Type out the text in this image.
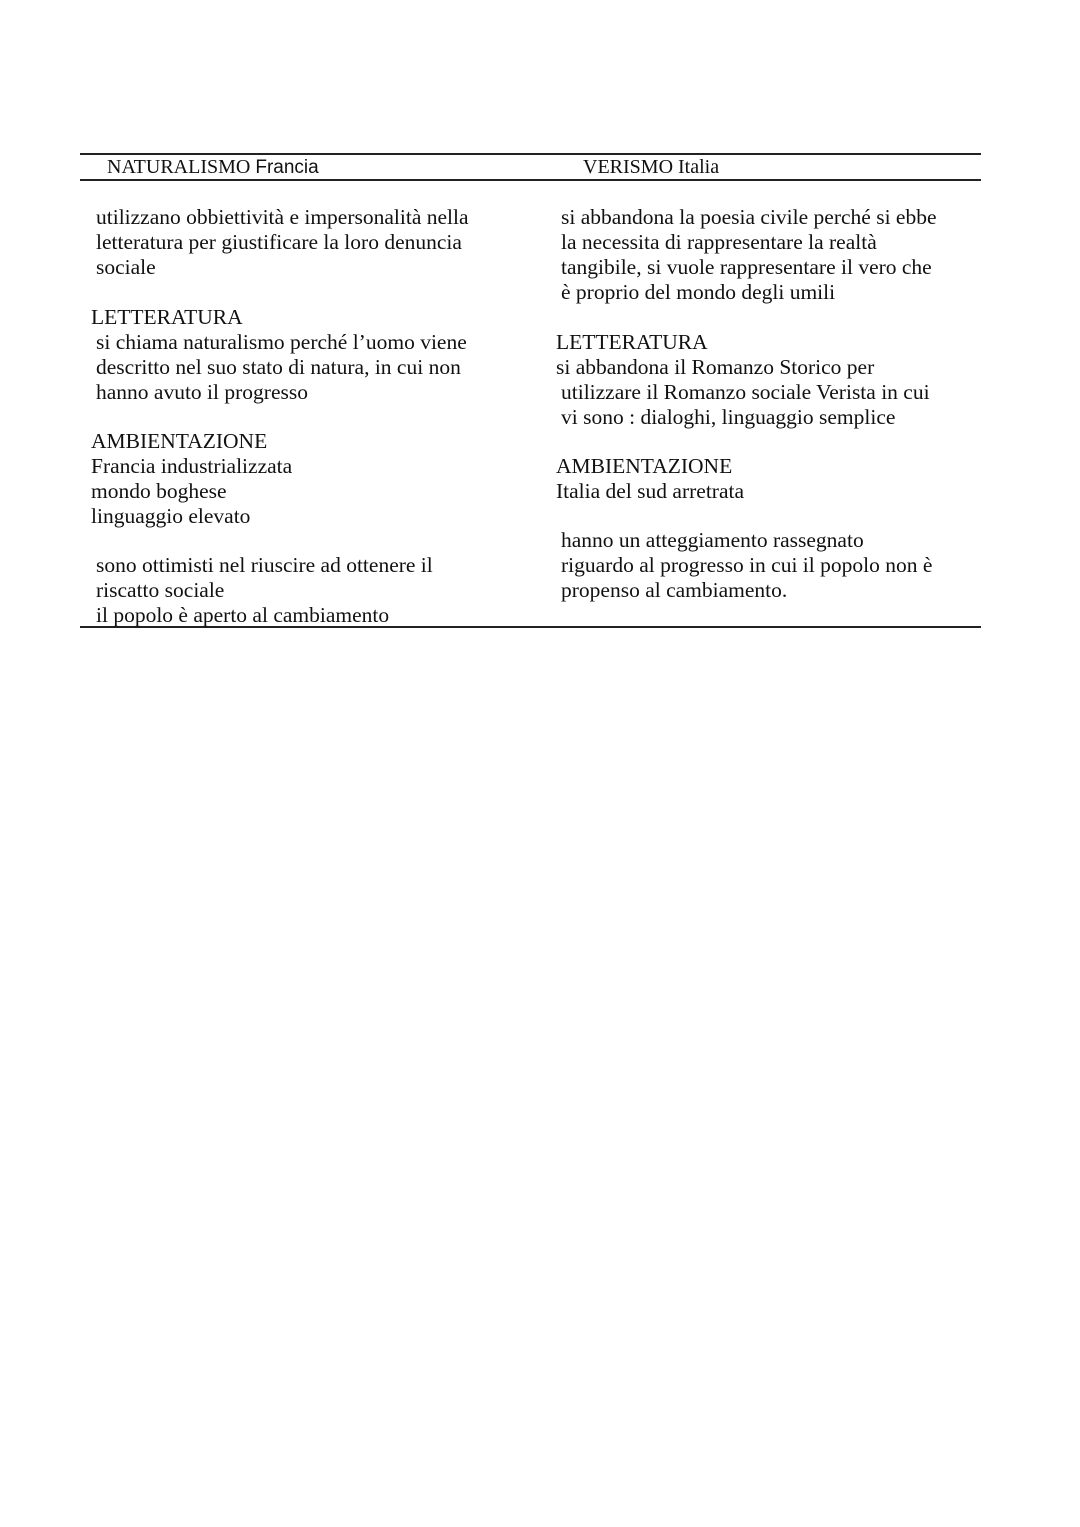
NATURALISMO Francia	VERISMO Italia
utilizzano obbiettività e impersonalità nella
letteratura per giustificare la loro denuncia
sociale
LETTERATURA
si chiama naturalismo perché l’uomo viene
descritto nel suo stato di natura, in cui non
hanno avuto il progresso
AMBIENTAZIONE
Francia industrializzata
mondo boghese
linguaggio elevato
sono ottimisti nel riuscire ad ottenere il
riscatto sociale
il popolo è aperto al cambiamento
si abbandona la poesia civile perché si ebbe
la necessita di rappresentare la realtà
tangibile, si vuole rappresentare il vero che
è proprio del mondo degli umili
LETTERATURA
si abbandona il Romanzo Storico per
utilizzare il Romanzo sociale Verista in cui
vi sono : dialoghi, linguaggio semplice
AMBIENTAZIONE
Italia del sud arretrata
hanno un atteggiamento rassegnato
riguardo al progresso in cui il popolo non è
propenso al cambiamento.
